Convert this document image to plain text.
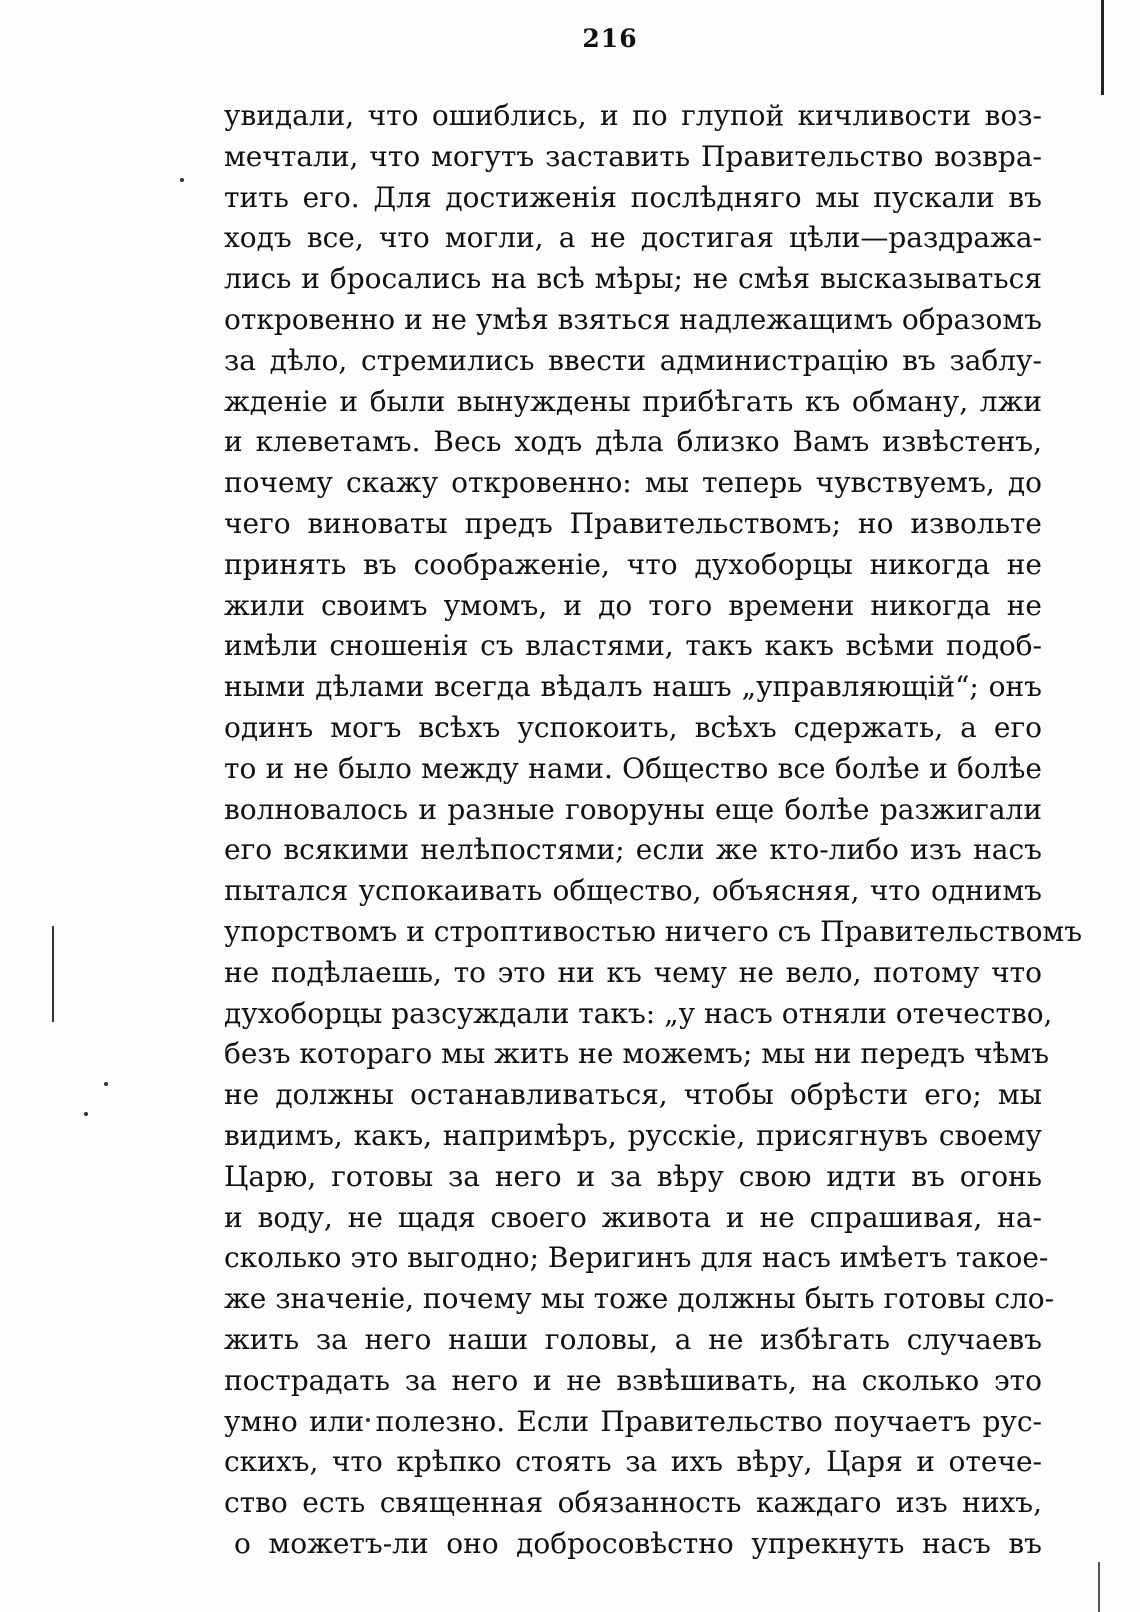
216
увидали, что ошиблись, и по глупой кичливости воз-
мечтали, что могутъ заставить Правительство возвра-
тить его. Для достиженія послѣдняго мы пускали въ
ходъ все, что могли, а не достигая цѣли—раздража-
лись и бросались на всѣ мѣры; не смѣя высказываться
откровенно и не умѣя взяться надлежащимъ образомъ
за дѣло, стремились ввести администрацію въ заблу-
жденіе и были вынуждены прибѣгать къ обману, лжи
и клеветамъ. Весь ходъ дѣла близко Вамъ извѣстенъ,
почему скажу откровенно: мы теперь чувствуемъ, до
чего виноваты предъ Правительствомъ; но извольте
принять въ соображеніе, что духоборцы никогда не
жили своимъ умомъ, и до того времени никогда не
имѣли сношенія съ властями, такъ какъ всѣми подоб-
ными дѣлами всегда вѣдалъ нашъ „управляющій“; онъ
одинъ могъ всѣхъ успокоить, всѣхъ сдержать, а его
то и не было между нами. Общество все болѣе и болѣе
волновалось и разные говоруны еще болѣе разжигали
его всякими нелѣпостями; если же кто-либо изъ насъ
пытался успокаивать общество, объясняя, что однимъ
упорствомъ и строптивостью ничего съ Правительствомъ
не подѣлаешь, то это ни къ чему не вело, потому что
духоборцы разсуждали такъ: „у насъ отняли отечество,
безъ котораго мы жить не можемъ; мы ни передъ чѣмъ
не должны останавливаться, чтобы обрѣсти его; мы
видимъ, какъ, напримѣръ, русскіе, присягнувъ своему
Царю, готовы за него и за вѣру свою идти въ огонь
и воду, не щадя своего живота и не спрашивая, на-
сколько это выгодно; Веригинъ для насъ имѣетъ такое-
же значеніе, почему мы тоже должны быть готовы сло-
жить за него наши головы, а не избѣгать случаевъ
пострадать за него и не взвѣшивать, на сколько это
умно или полезно. Если Правительство поучаетъ рус-
скихъ, что крѣпко стоять за ихъ вѣру, Царя и отече-
ство есть священная обязанность каждаго изъ нихъ,
о можетъ-ли оно добросовѣстно упрекнуть насъ въ
